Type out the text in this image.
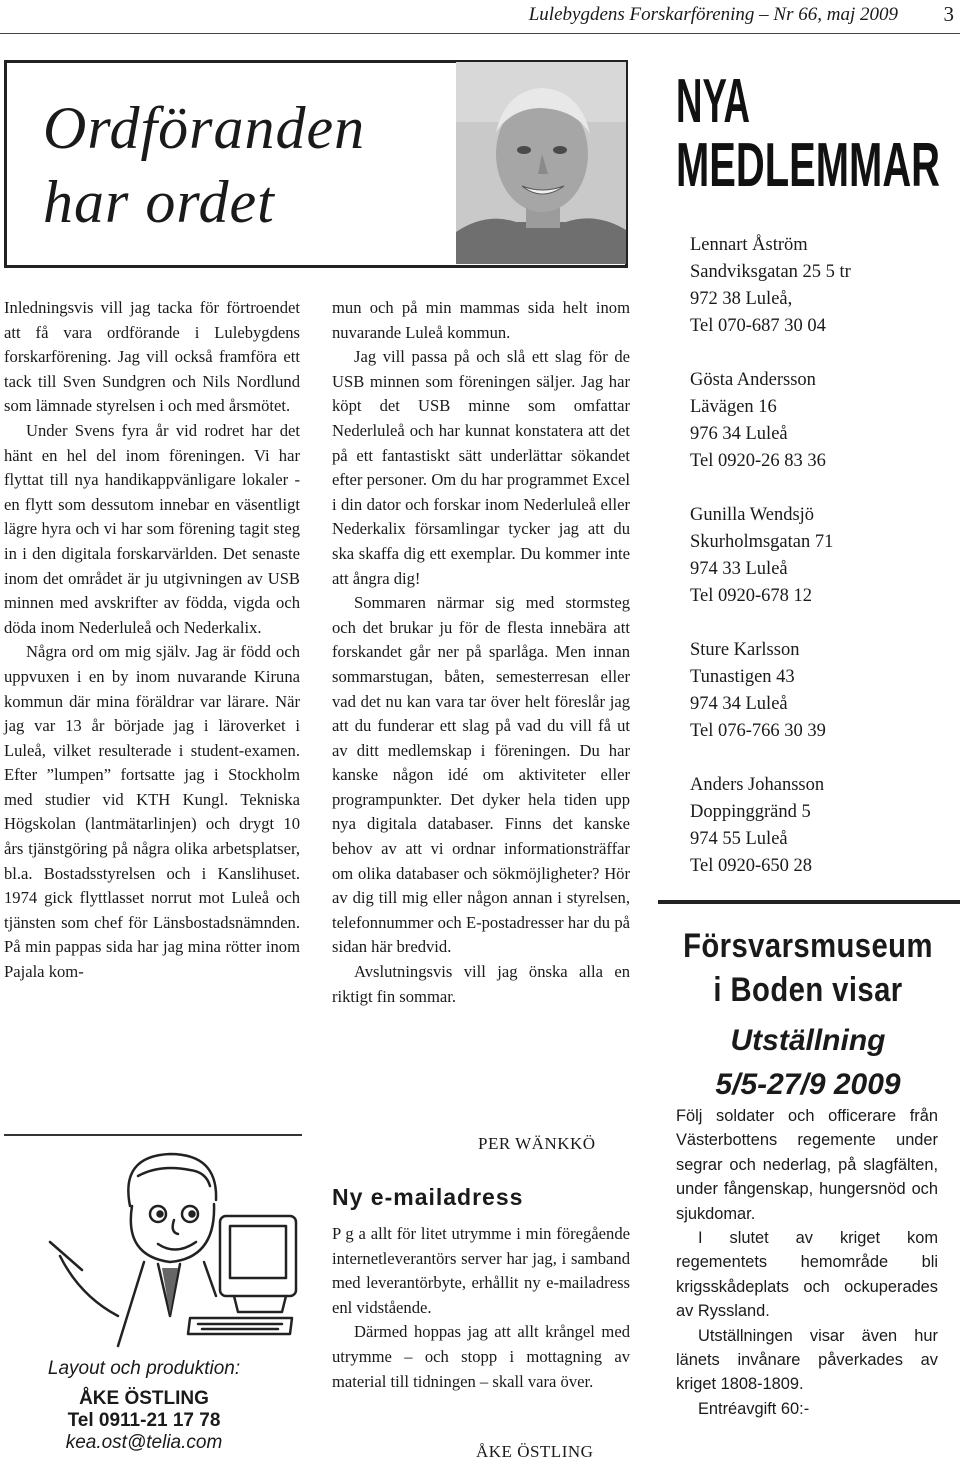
Lulebygdens Forskarförening – Nr 66, maj 2009 3
Ordföranden
har ordet

Inledningsvis vill jag tacka för förtroendet att få vara ordförande i Lulebygdens forskarförening. Jag vill också framföra ett tack till Sven Sundgren och Nils Nordlund som lämnade styrelsen i och med årsmötet.

Under Svens fyra år vid rodret har det hänt en hel del inom föreningen. Vi har flyttat till nya handikappvänligare lokaler - en flytt som dessutom innebar en väsentligt lägre hyra och vi har som förening tagit steg in i den digitala forskarvärlden. Det senaste inom det området är ju utgivningen av USB minnen med avskrifter av födda, vigda och döda inom Nederluleå och Nederkalix.

Några ord om mig själv. Jag är född och uppvuxen i en by inom nuvarande Kiruna kommun där mina föräldrar var lärare. När jag var 13 år började jag i läroverket i Luleå, vilket resulterade i student-examen. Efter ”lumpen” fortsatte jag i Stockholm med studier vid KTH Kungl. Tekniska Högskolan (lantmätarlinjen) och drygt 10 års tjänstgöring på några olika arbetsplatser, bl.a. Bostadsstyrelsen och i Kanslihuset. 1974 gick flyttlasset norrut mot Luleå och tjänsten som chef för Länsbostadsnämnden. På min pappas sida har jag mina rötter inom Pajala kom-

mun och på min mammas sida helt inom nuvarande Luleå kommun.

Jag vill passa på och slå ett slag för de USB minnen som föreningen säljer. Jag har köpt det USB minne som omfattar Nederluleå och har kunnat konstatera att det på ett fantastiskt sätt underlättar sökandet efter personer. Om du har programmet Excel i din dator och forskar inom Nederluleå eller Nederkalix församlingar tycker jag att du ska skaffa dig ett exemplar. Du kommer inte att ångra dig!

Sommaren närmar sig med stormsteg och det brukar ju för de flesta innebära att forskandet går ner på sparlåga. Men innan sommarstugan, båten, semesterresan eller vad det nu kan vara tar över helt föreslår jag att du funderar ett slag på vad du vill få ut av ditt medlemskap i föreningen. Du har kanske någon idé om aktiviteter eller programpunkter. Det dyker hela tiden upp nya digitala databaser. Finns det kanske behov av att vi ordnar informationsträffar om olika databaser och sökmöjligheter? Hör av dig till mig eller någon annan i styrelsen, telefonnummer och E-postadresser har du på sidan här bredvid.

Avslutningsvis vill jag önska alla en riktigt fin sommar.

PER WÄNKKÖ
Layout och produktion:
ÅKE ÖSTLING
Tel 0911-21 17 78
kea.ost@telia.com
Ny e-mailadress

P g a allt för litet utrymme i min föregående internetleverantörs server har jag, i samband med leverantörbyte, erhållit ny e-mailadress enl vidstående.

Därmed hoppas jag att allt krångel med utrymme – och stopp i mottagning av material till tidningen – skall vara över.

ÅKE ÖSTLING
NYA
MEDLEMMAR
Lennart Åström
Sandviksgatan 25 5 tr
972 38 Luleå,
Tel 070-687 30 04
Gösta Andersson
Lävägen 16
976 34 Luleå
Tel 0920-26 83 36
Gunilla Wendsjö
Skurholmsgatan 71
974 33 Luleå
Tel 0920-678 12
Sture Karlsson
Tunastigen 43
974 34 Luleå
Tel 076-766 30 39
Anders Johansson
Doppinggränd 5
974 55 Luleå
Tel 0920-650 28
Försvarsmuseum
i Boden visar
Utställning
5/5-27/9 2009

Följ soldater och officerare från Västerbottens regemente under segrar och nederlag, på slagfälten, under fångenskap, hungersnöd och sjukdomar.

I slutet av kriget kom regementets hemområde bli krigsskådeplats och ockuperades av Ryssland.

Utställningen visar även hur länets invånare påverkades av kriget 1808-1809.

Entréavgift 60:-
